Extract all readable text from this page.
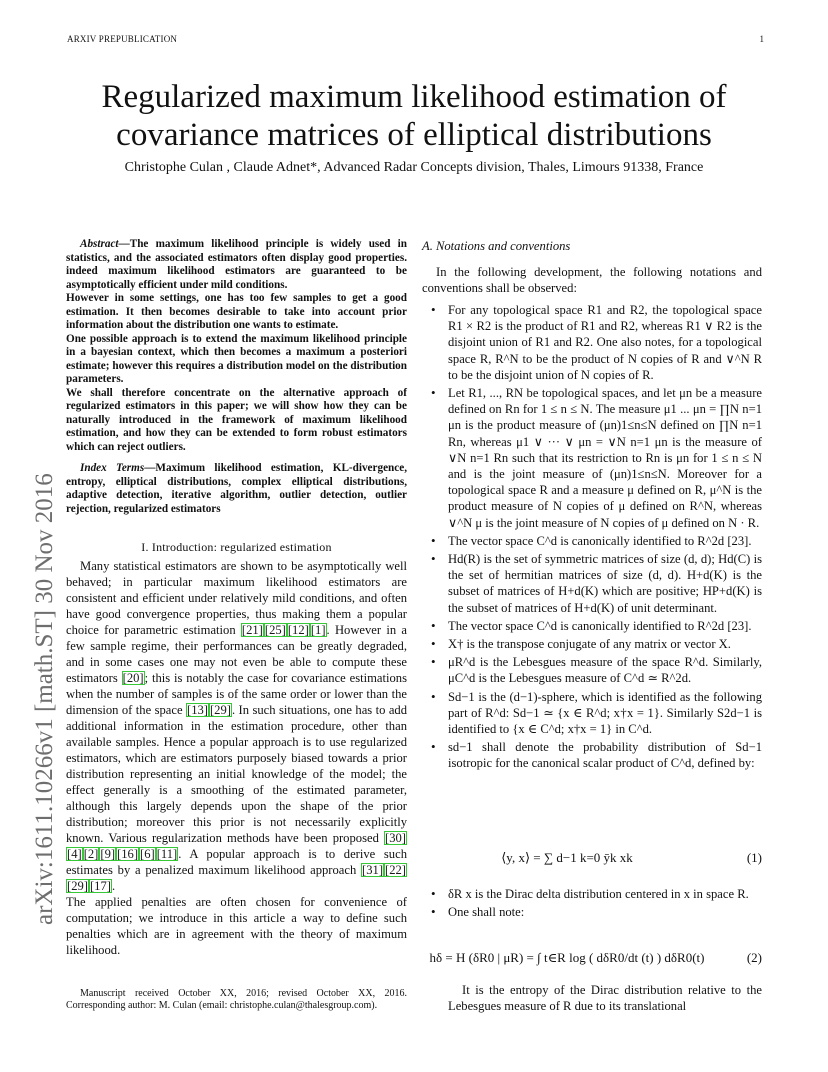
ARXIV PREPUBLICATION	1
arXiv:1611.10266v1 [math.ST] 30 Nov 2016
Regularized maximum likelihood estimation of
covariance matrices of elliptical distributions
Christophe Culan , Claude Adnet*, Advanced Radar Concepts division, Thales, Limours 91338, France

Abstract—The maximum likelihood principle is widely used in statistics, and the associated estimators often display good properties. indeed maximum likelihood estimators are guaranteed to be asymptotically efficient under mild conditions.

However in some settings, one has too few samples to get a good estimation. It then becomes desirable to take into account prior information about the distribution one wants to estimate.

One possible approach is to extend the maximum likelihood principle in a bayesian context, which then becomes a maximum a posteriori estimate; however this requires a distribution model on the distribution parameters.

We shall therefore concentrate on the alternative approach of regularized estimators in this paper; we will show how they can be naturally introduced in the framework of maximum likelihood estimation, and how they can be extended to form robust estimators which can reject outliers.

Index Terms—Maximum likelihood estimation, KL-divergence, entropy, elliptical distributions, complex elliptical distributions, adaptive detection, iterative algorithm, outlier detection, outlier rejection, regularized estimators
I. Introduction: regularized estimation

Many statistical estimators are shown to be asymptotically well behaved; in particular maximum likelihood estimators are consistent and efficient under relatively mild conditions, and often have good convergence properties, thus making them a popular choice for parametric estimation [21] [25] [12] [1]. However in a few sample regime, their performances can be greatly degraded, and in some cases one may not even be able to compute these estimators [20]; this is notably the case for covariance estimations when the number of samples is of the same order or lower than the dimension of the space [13] [29]. In such situations, one has to add additional information in the estimation procedure, other than available samples. Hence a popular approach is to use regularized estimators, which are estimators purposely biased towards a prior distribution representing an initial knowledge of the model; the effect generally is a smoothing of the estimated parameter, although this largely depends upon the shape of the prior distribution; moreover this prior is not necessarily explicitly known. Various regularization methods have been proposed [30][4] [2] [9] [16] [6] [11]. A popular approach is to derive such estimates by a penalized maximum likelihood approach [31] [22][29] [17].

The applied penalties are often chosen for convenience of computation; we introduce in this article a way to define such penalties which are in agreement with the theory of maximum likelihood.

Manuscript received October XX, 2016; revised October XX, 2016. Corresponding author: M. Culan (email: christophe.culan@thalesgroup.com).
A. Notations and conventions
In the following development, the following notations and conventions shall be observed:
• For any topological space R1 and R2, the topological space R1 × R2 is the product of R1 and R2, whereas R1 ∨ R2 is the disjoint union of R1 and R2. One also notes, for a topological space R, R^N to be the product of N copies of R and ∨^N R to be the disjoint union of N copies of R.
• Let R1, ..., RN be topological spaces, and let μn be a measure defined on Rn for 1 ≤ n ≤ N. The measure μ1 ... μn = ∏N n=1 μn is the product measure of (μn)1≤n≤N defined on ∏N n=1 Rn, whereas μ1 ∨ ··· ∨ μn = ∨N n=1 μn is the measure of ∨N n=1 Rn such that its restriction to Rn is μn for 1 ≤ n ≤ N and is the joint measure of (μn)1≤n≤N. Moreover for a topological space R and a measure μ defined on R, μ^N is the product measure of N copies of μ defined on R^N, whereas ∨^N μ is the joint measure of N copies of μ defined on N · R.
• The vector space C^d is canonically identified to R^2d [23].
• Hd(R) is the set of symmetric matrices of size (d, d); Hd(C) is the set of hermitian matrices of size (d, d). H+d(K) is the subset of matrices of H+d(K) which are positive; HP+d(K) is the subset of matrices of H+d(K) of unit determinant.
• The vector space C^d is canonically identified to R^2d [23].
• X† is the transpose conjugate of any matrix or vector X.
• μR^d is the Lebesgues measure of the space R^d. Similarly, μC^d is the Lebesgues measure of C^d ≃ R^2d.
• Sd−1 is the (d−1)-sphere, which is identified as the following part of R^d: Sd−1 ≃ {x ∈ R^d; x†x = 1}. Similarly S2d−1 is identified to {x ∈ C^d; x†x = 1} in C^d.
• sd−1 shall denote the probability distribution of Sd−1 isotropic for the canonical scalar product of C^d, defined by:
⟨y, x⟩ = ∑ d−1 k=0 ȳk xk	(1)
• δR x is the Dirac delta distribution centered in x in space R.
• One shall note:
hδ = H (δR0 | μR) = ∫ t∈R log ( dδR0/dt (t) ) dδR0(t)	(2)
It is the entropy of the Dirac distribution relative to the Lebesgues measure of R due to its translational
